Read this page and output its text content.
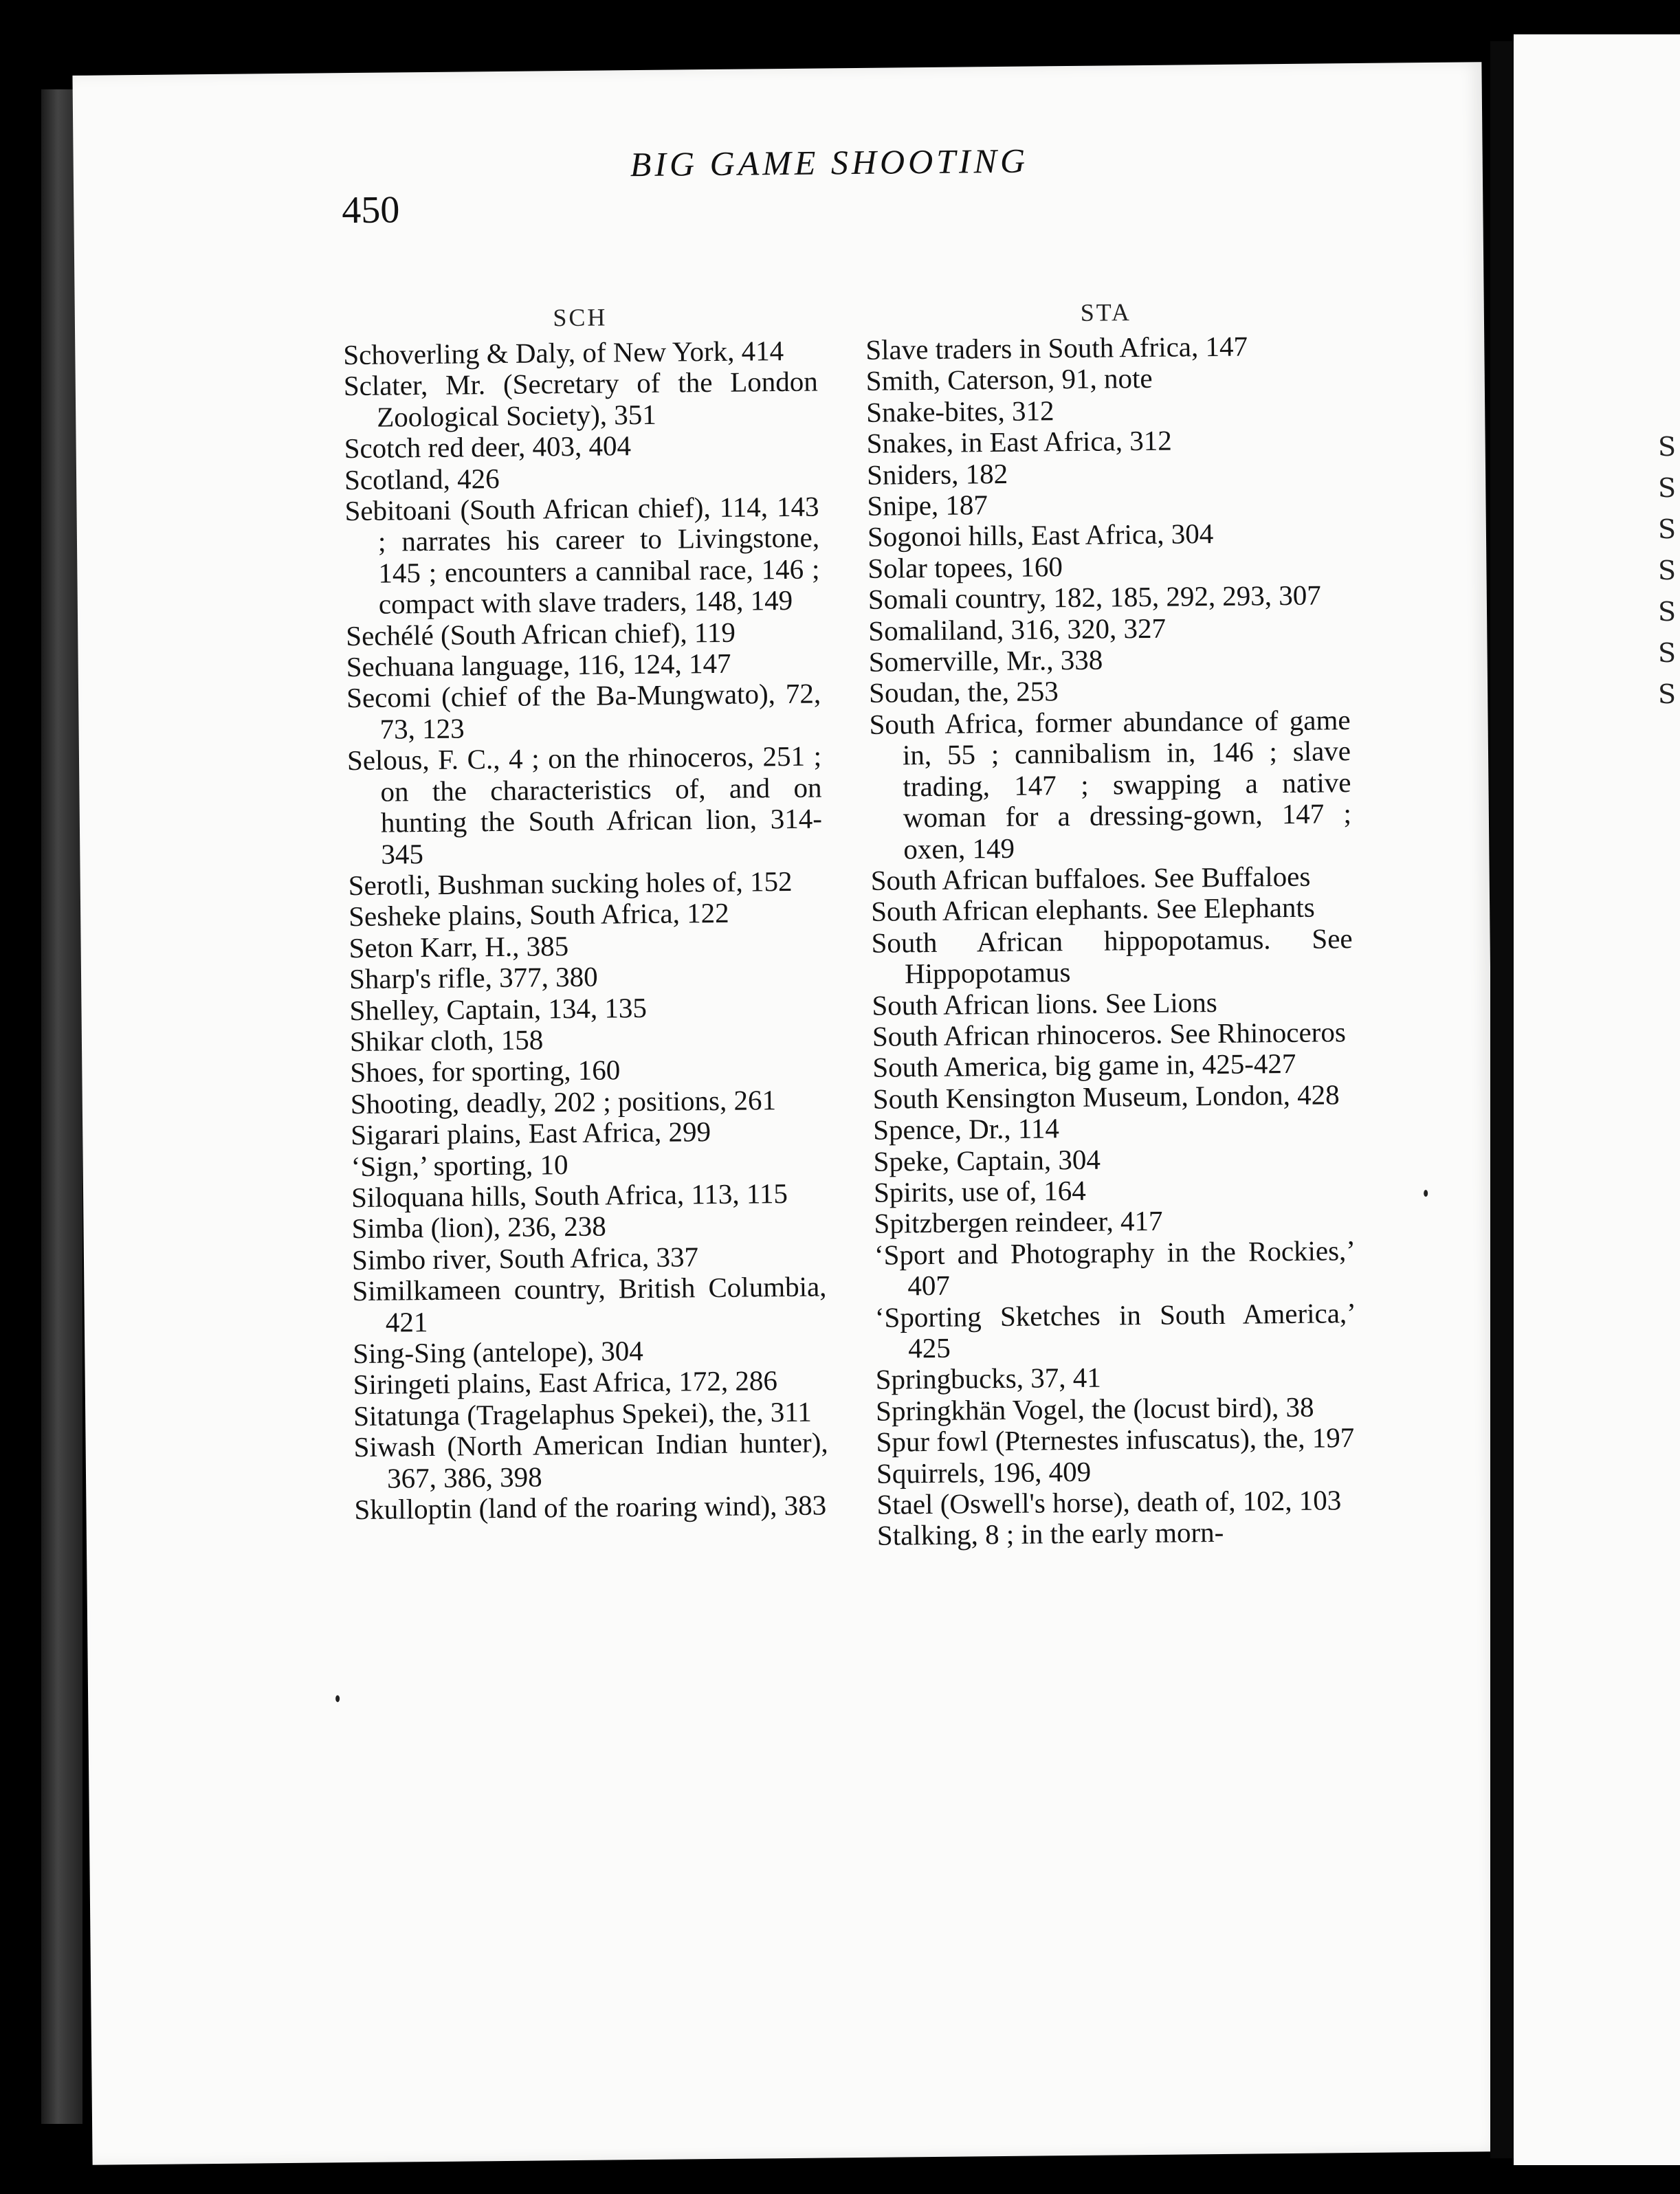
450
BIG GAME SHOOTING
SCH

Schoverling & Daly, of New York, 414

Sclater, Mr. (Secretary of the London Zoological Society), 351

Scotch red deer, 403, 404

Scotland, 426

Sebitoani (South African chief), 114, 143 ; narrates his career to Livingstone, 145 ; encounters a cannibal race, 146 ; compact with slave traders, 148, 149

Sechélé (South African chief), 119

Sechuana language, 116, 124, 147

Secomi (chief of the Ba-Mungwato), 72, 73, 123

Selous, F. C., 4 ; on the rhinoceros, 251 ; on the characteristics of, and on hunting the South African lion, 314-345

Serotli, Bushman sucking holes of, 152

Sesheke plains, South Africa, 122

Seton Karr, H., 385

Sharp's rifle, 377, 380

Shelley, Captain, 134, 135

Shikar cloth, 158

Shoes, for sporting, 160

Shooting, deadly, 202 ; positions, 261

Sigarari plains, East Africa, 299

‘Sign,’ sporting, 10

Siloquana hills, South Africa, 113, 115

Simba (lion), 236, 238

Simbo river, South Africa, 337

Similkameen country, British Columbia, 421

Sing-Sing (antelope), 304

Siringeti plains, East Africa, 172, 286

Sitatunga (Tragelaphus Spekei), the, 311

Siwash (North American Indian hunter), 367, 386, 398

Skulloptin (land of the roaring wind), 383

STA

Slave traders in South Africa, 147

Smith, Caterson, 91, note

Snake-bites, 312

Snakes, in East Africa, 312

Sniders, 182

Snipe, 187

Sogonoi hills, East Africa, 304

Solar topees, 160

Somali country, 182, 185, 292, 293, 307

Somaliland, 316, 320, 327

Somerville, Mr., 338

Soudan, the, 253

South Africa, former abundance of game in, 55 ; cannibalism in, 146 ; slave trading, 147 ; swapping a native woman for a dressing-gown, 147 ; oxen, 149

South African buffaloes. See Buffaloes

South African elephants. See Elephants

South African hippopotamus. See Hippopotamus

South African lions. See Lions

South African rhinoceros. See Rhinoceros

South America, big game in, 425-427

South Kensington Museum, London, 428

Spence, Dr., 114

Speke, Captain, 304

Spirits, use of, 164

Spitzbergen reindeer, 417

‘Sport and Photography in the Rockies,’ 407

‘Sporting Sketches in South America,’ 425

Springbucks, 37, 41

Springkhän Vogel, the (locust bird), 38

Spur fowl (Pternestes infuscatus), the, 197

Squirrels, 196, 409

Stael (Oswell's horse), death of, 102, 103

Stalking, 8 ; in the early morn-

S
S
S
S
S
S
S
